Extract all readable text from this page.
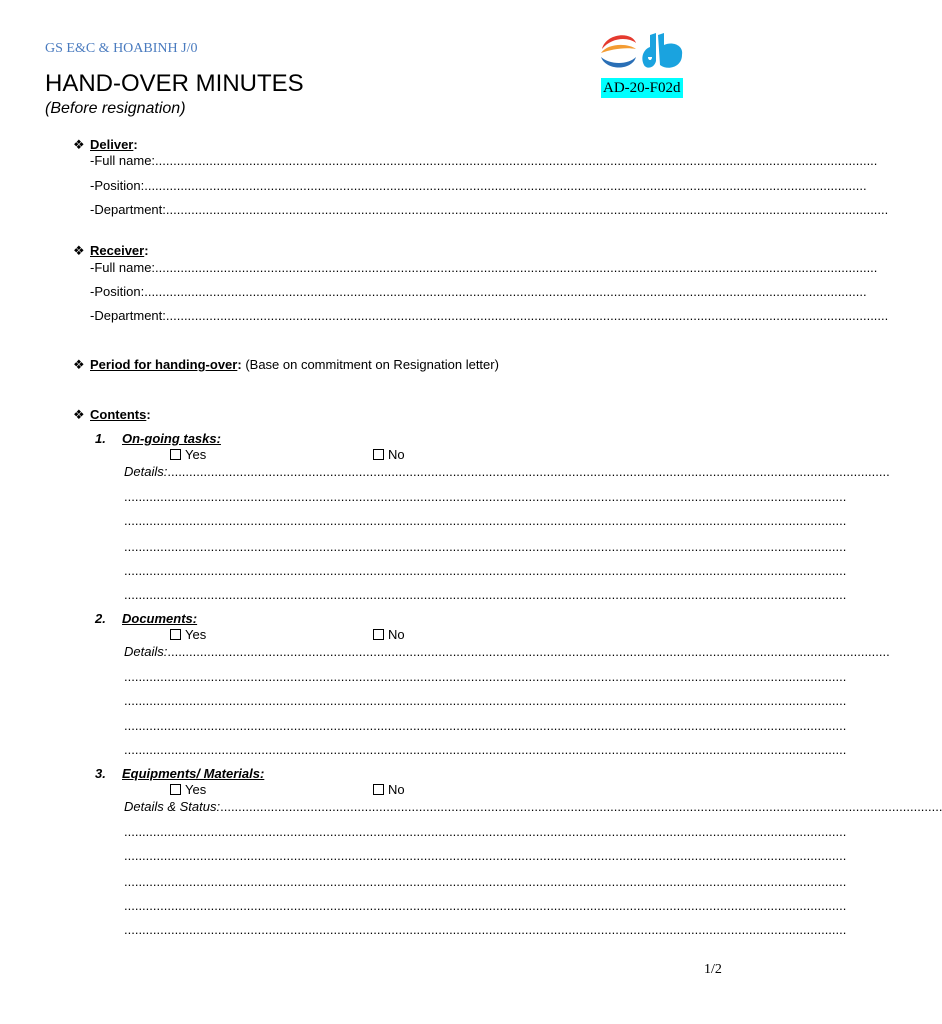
GS E&C & HOABINH J/0
HAND-OVER MINUTES
(Before resignation)
AD-20-F02d
❖ Deliver:
- Full name: ........................................................................................................................................................................................................
- Position: ........................................................................................................................................................................................................
- Department: ........................................................................................................................................................................................................
❖ Receiver:
- Full name: ........................................................................................................................................................................................................
- Position: ........................................................................................................................................................................................................
- Department: ........................................................................................................................................................................................................
❖ Period for handing-over: (Base on commitment on Resignation letter)
❖ Contents:
1. On-going tasks:
Yes	No
Details: ........................................................................................................................................................................................................
........................................................................................................................................................................................................
........................................................................................................................................................................................................
........................................................................................................................................................................................................
........................................................................................................................................................................................................
........................................................................................................................................................................................................
2. Documents:
Yes	No
Details: ........................................................................................................................................................................................................
........................................................................................................................................................................................................
........................................................................................................................................................................................................
........................................................................................................................................................................................................
........................................................................................................................................................................................................
3. Equipments/ Materials:
Yes	No
Details & Status: ........................................................................................................................................................................................................
........................................................................................................................................................................................................
........................................................................................................................................................................................................
........................................................................................................................................................................................................
........................................................................................................................................................................................................
........................................................................................................................................................................................................
1/2
